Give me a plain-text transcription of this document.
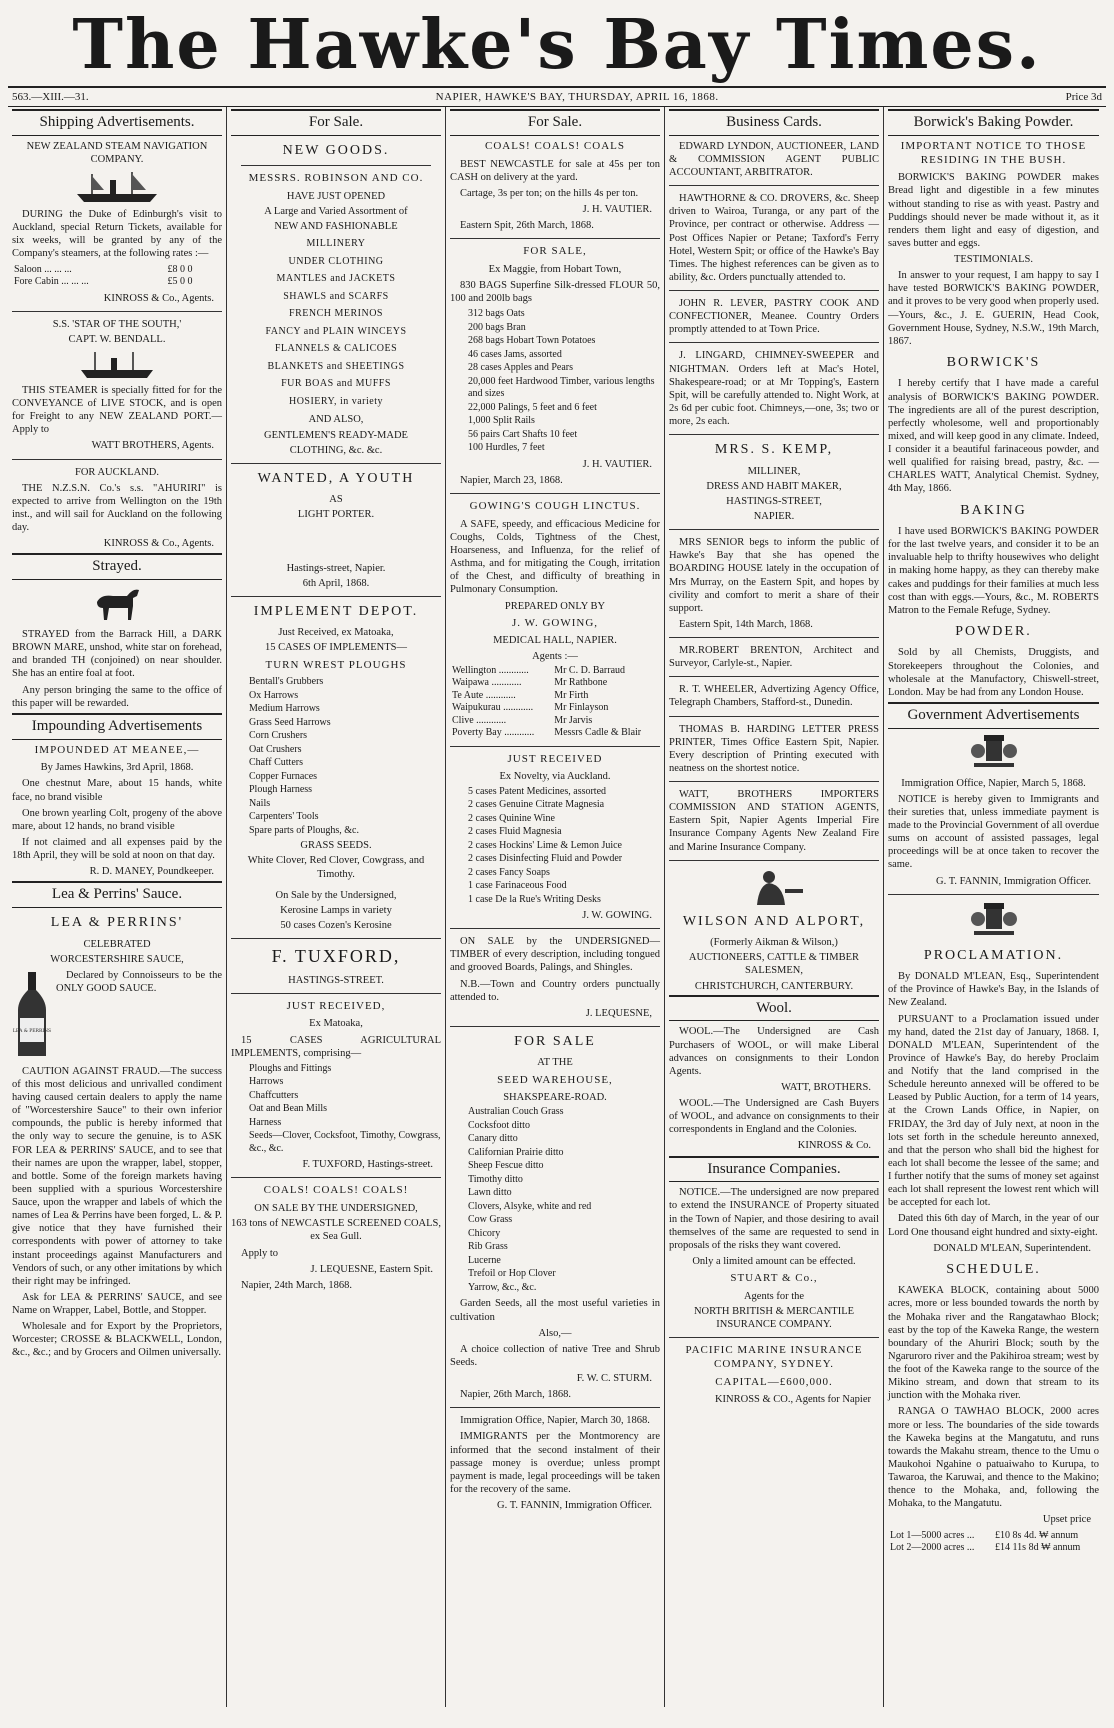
The Hawke's Bay Times.
563.—XIII.—31.	NAPIER, HAWKE'S BAY, THURSDAY, APRIL 16, 1868.	Price 3d
Shipping Advertisements.
NEW ZEALAND STEAM NAVIGATION COMPANY.
DURING the Duke of Edinburgh's visit to Auckland, special Return Tickets, available for six weeks, will be granted by any of the Company's steamers, at the following rates :—
Saloon ... ... ...	£8 0 0
Fore Cabin ... ... ...	£5 0 0
KINROSS & Co., Agents.
S.S. 'STAR OF THE SOUTH,'
CAPT. W. BENDALL.
THIS STEAMER is specially fitted for for the CONVEYANCE of LIVE STOCK, and is open for Freight to any NEW ZEALAND PORT.—Apply to
WATT BROTHERS, Agents.
FOR AUCKLAND.
THE N.Z.S.N. Co.'s s.s. "AHURIRI" is expected to arrive from Wellington on the 19th inst., and will sail for Auckland on the following day.
KINROSS & Co., Agents.
Strayed.
STRAYED from the Barrack Hill, a DARK BROWN MARE, unshod, white star on forehead, and branded TH (conjoined) on near shoulder. She has an entire foal at foot.
Any person bringing the same to the office of this paper will be rewarded.
Impounding Advertisements
IMPOUNDED AT MEANEE,—
By James Hawkins, 3rd April, 1868.
One chestnut Mare, about 15 hands, white face, no brand visible
One brown yearling Colt, progeny of the above mare, about 12 hands, no brand visible
If not claimed and all expenses paid by the 18th April, they will be sold at noon on that day.
R. D. MANEY, Poundkeeper.
Lea & Perrins' Sauce.
LEA & PERRINS'
CELEBRATED
WORCESTERSHIRE SAUCE,
LEA & PERRINS
Declared by Connoisseurs to be the ONLY GOOD SAUCE.
CAUTION AGAINST FRAUD.—The success of this most delicious and unrivalled condiment having caused certain dealers to apply the name of "Worcestershire Sauce" to their own inferior compounds, the public is hereby informed that the only way to secure the genuine, is to ASK FOR LEA & PERRINS' SAUCE, and to see that their names are upon the wrapper, label, stopper, and bottle. Some of the foreign markets having been supplied with a spurious Worcestershire Sauce, upon the wrapper and labels of which the names of Lea & Perrins have been forged, L. & P. give notice that they have furnished their correspondents with power of attorney to take instant proceedings against Manufacturers and Vendors of such, or any other imitations by which their right may be infringed.
Ask for LEA & PERRINS' SAUCE, and see Name on Wrapper, Label, Bottle, and Stopper.
Wholesale and for Export by the Proprietors, Worcester; CROSSE & BLACKWELL, London, &c., &c.; and by Grocers and Oilmen universally.
For Sale.
NEW GOODS.
MESSRS. ROBINSON AND CO.
HAVE JUST OPENED
A Large and Varied Assortment of
NEW AND FASHIONABLE
MILLINERY
UNDER CLOTHING
MANTLES and JACKETS
SHAWLS and SCARFS
FRENCH MERINOS
FANCY and PLAIN WINCEYS
FLANNELS & CALICOES
BLANKETS and SHEETINGS
FUR BOAS and MUFFS
HOSIERY, in variety
AND ALSO,
GENTLEMEN'S READY-MADE
CLOTHING, &c. &c.
WANTED, A YOUTH
AS
LIGHT PORTER.
Hastings-street, Napier.
6th April, 1868.
IMPLEMENT DEPOT.
Just Received, ex Matoaka,
15 CASES OF IMPLEMENTS—
TURN WREST PLOUGHS
Bentall's Grubbers
Ox Harrows
Medium Harrows
Grass Seed Harrows
Corn Crushers
Oat Crushers
Chaff Cutters
Copper Furnaces
Plough Harness
Nails
Carpenters' Tools
Spare parts of Ploughs, &c.
GRASS SEEDS.
White Clover, Red Clover, Cowgrass, and Timothy.
On Sale by the Undersigned,
Kerosine Lamps in variety
50 cases Cozen's Kerosine
F. TUXFORD,
HASTINGS-STREET.
JUST RECEIVED,
Ex Matoaka,
15 CASES AGRICULTURAL IMPLEMENTS, comprising—
Ploughs and Fittings
Harrows
Chaffcutters
Oat and Bean Mills
Harness
Seeds—Clover, Cocksfoot, Timothy, Cowgrass, &c., &c.
F. TUXFORD, Hastings-street.
COALS! COALS! COALS!
ON SALE BY THE UNDERSIGNED,
163 tons of NEWCASTLE SCREENED COALS, ex Sea Gull.
Apply to
J. LEQUESNE, Eastern Spit.
Napier, 24th March, 1868.
For Sale.
COALS! COALS! COALS
BEST NEWCASTLE for sale at 45s per ton CASH on delivery at the yard.
Cartage, 3s per ton; on the hills 4s per ton.
J. H. VAUTIER.
Eastern Spit, 26th March, 1868.
FOR SALE,
Ex Maggie, from Hobart Town,
830 BAGS Superfine Silk-dressed FLOUR 50, 100 and 200lb bags
312 bags Oats
200 bags Bran
268 bags Hobart Town Potatoes
46 cases Jams, assorted
28 cases Apples and Pears
20,000 feet Hardwood Timber, various lengths and sizes
22,000 Palings, 5 feet and 6 feet
1,000 Split Rails
56 pairs Cart Shafts 10 feet
100 Hurdles, 7 feet
J. H. VAUTIER.
Napier, March 23, 1868.
GOWING'S COUGH LINCTUS.
A SAFE, speedy, and efficacious Medicine for Coughs, Colds, Tightness of the Chest, Hoarseness, and Influenza, for the relief of Asthma, and for mitigating the Cough, irritation of the Chest, and difficulty of breathing in Pulmonary Consumption.
PREPARED ONLY BY
J. W. GOWING,
MEDICAL HALL, NAPIER.
Agents :—
Wellington ............	Mr C. D. Barraud
Waipawa ............	Mr Rathbone
Te Aute ............	Mr Firth
Waipukurau ............	Mr Finlayson
Clive ............	Mr Jarvis
Poverty Bay ............	Messrs Cadle & Blair
JUST RECEIVED
Ex Novelty, via Auckland.
5 cases Patent Medicines, assorted
2 cases Genuine Citrate Magnesia
2 cases Quinine Wine
2 cases Fluid Magnesia
2 cases Hockins' Lime & Lemon Juice
2 cases Disinfecting Fluid and Powder
2 cases Fancy Soaps
1 case Farinaceous Food
1 case De la Rue's Writing Desks
J. W. GOWING.
ON SALE by the UNDERSIGNED—TIMBER of every description, including tongued and grooved Boards, Palings, and Shingles.
N.B.—Town and Country orders punctually attended to.
J. LEQUESNE,
FOR SALE
AT THE
SEED WAREHOUSE,
SHAKSPEARE-ROAD.
Australian Couch Grass
Cocksfoot ditto
Canary ditto
Californian Prairie ditto
Sheep Fescue ditto
Timothy ditto
Lawn ditto
Clovers, Alsyke, white and red
Cow Grass
Chicory
Rib Grass
Lucerne
Trefoil or Hop Clover
Yarrow, &c., &c.
Garden Seeds, all the most useful varieties in cultivation
Also,—
A choice collection of native Tree and Shrub Seeds.
F. W. C. STURM.
Napier, 26th March, 1868.
Immigration Office, Napier, March 30, 1868.
IMMIGRANTS per the Montmorency are informed that the second instalment of their passage money is overdue; unless prompt payment is made, legal proceedings will be taken for the recovery of the same.
G. T. FANNIN, Immigration Officer.
Business Cards.
EDWARD LYNDON, AUCTIONEER, LAND & COMMISSION AGENT PUBLIC ACCOUNTANT, ARBITRATOR.
HAWTHORNE & CO. DROVERS, &c. Sheep driven to Wairoa, Turanga, or any part of the Province, per contract or otherwise. Address —Post Offices Napier or Petane; Taxford's Ferry Hotel, Western Spit; or office of the Hawke's Bay Times. The highest references can be given as to ability, &c. Orders punctually attended to.
JOHN R. LEVER, PASTRY COOK AND CONFECTIONER, Meanee. Country Orders promptly attended to at Town Price.
J. LINGARD, CHIMNEY-SWEEPER and NIGHTMAN. Orders left at Mac's Hotel, Shakespeare-road; or at Mr Topping's, Eastern Spit, will be carefully attended to. Night Work, at 2s 6d per cubic foot. Chimneys,—one, 3s; two or more, 2s each.
MRS. S. KEMP,
MILLINER,
DRESS AND HABIT MAKER,
HASTINGS-STREET,
NAPIER.
MRS SENIOR begs to inform the public of Hawke's Bay that she has opened the BOARDING HOUSE lately in the occupation of Mrs Murray, on the Eastern Spit, and hopes by civility and comfort to merit a share of their support.
Eastern Spit, 14th March, 1868.
MR.ROBERT BRENTON, Architect and Surveyor, Carlyle-st., Napier.
R. T. WHEELER, Advertizing Agency Office, Telegraph Chambers, Stafford-st., Dunedin.
THOMAS B. HARDING LETTER PRESS PRINTER, Times Office Eastern Spit, Napier. Every description of Printing executed with neatness on the shortest notice.
WATT, BROTHERS IMPORTERS COMMISSION AND STATION AGENTS, Eastern Spit, Napier Agents Imperial Fire Insurance Company Agents New Zealand Fire and Marine Insurance Company.
WILSON AND ALPORT,
(Formerly Aikman & Wilson,)
AUCTIONEERS, CATTLE & TIMBER SALESMEN,
CHRISTCHURCH, CANTERBURY.
Wool.
WOOL.—The Undersigned are Cash Purchasers of WOOL, or will make Liberal advances on consignments to their London Agents.
WATT, BROTHERS.
WOOL.—The Undersigned are Cash Buyers of WOOL, and advance on consignments to their correspondents in England and the Colonies.
KINROSS & Co.
Insurance Companies.
NOTICE.—The undersigned are now prepared to extend the INSURANCE of Property situated in the Town of Napier, and those desiring to avail themselves of the same are requested to send in proposals of the risks they want covered.
Only a limited amount can be effected.
STUART & Co.,
Agents for the
NORTH BRITISH & MERCANTILE INSURANCE COMPANY.
PACIFIC MARINE INSURANCE COMPANY, SYDNEY.
CAPITAL—£600,000.
KINROSS & CO., Agents for Napier
Borwick's Baking Powder.
IMPORTANT NOTICE TO THOSE RESIDING IN THE BUSH.
BORWICK'S BAKING POWDER makes Bread light and digestible in a few minutes without standing to rise as with yeast. Pastry and Puddings should never be made without it, as it renders them light and easy of digestion, and saves butter and eggs.
TESTIMONIALS.
In answer to your request, I am happy to say I have tested BORWICK'S BAKING POWDER, and it proves to be very good when properly used.—Yours, &c., J. E. GUERIN, Head Cook, Government House, Sydney, N.S.W., 19th March, 1867.
BORWICK'S
I hereby certify that I have made a careful analysis of BORWICK'S BAKING POWDER. The ingredients are all of the purest description, perfectly wholesome, well and proportionably mixed, and will keep good in any climate. Indeed, I consider it a beautiful farinaceous powder, and well qualified for raising bread, pastry, &c. —CHARLES WATT, Analytical Chemist. Sydney, 4th May, 1866.
BAKING
I have used BORWICK'S BAKING POWDER for the last twelve years, and consider it to be an invaluable help to thrifty housewives who delight in making home happy, as they can thereby make cakes and puddings for their families at much less cost than with eggs.—Yours, &c., M. ROBERTS Matron to the Female Refuge, Sydney.
POWDER.
Sold by all Chemists, Druggists, and Storekeepers throughout the Colonies, and wholesale at the Manufactory, Chiswell-street, London. May be had from any London House.
Government Advertisements
Immigration Office, Napier, March 5, 1868.
NOTICE is hereby given to Immigrants and their sureties that, unless immediate payment is made to the Provincial Government of all overdue sums on account of assisted passages, legal proceedings will be at once taken to recover the same.
G. T. FANNIN, Immigration Officer.
PROCLAMATION.
By DONALD M'LEAN, Esq., Superintendent of the Province of Hawke's Bay, in the Islands of New Zealand.
PURSUANT to a Proclamation issued under my hand, dated the 21st day of January, 1868. I, DONALD M'LEAN, Superintendent of the Province of Hawke's Bay, do hereby Proclaim and Notify that the land comprised in the Schedule hereunto annexed will be offered to be Leased by Public Auction, for a term of 14 years, at the Crown Lands Office, in Napier, on FRIDAY, the 3rd day of July next, at noon in the lots set forth in the schedule hereunto annexed, and that the person who shall bid the highest for each lot shall become the lessee of the same; and I further notify that the sums of money set against each lot shall represent the lowest rent which will be accepted for each lot.
Dated this 6th day of March, in the year of our Lord One thousand eight hundred and sixty-eight.
DONALD M'LEAN, Superintendent.
SCHEDULE.
KAWEKA BLOCK, containing about 5000 acres, more or less bounded towards the north by the Mohaka river and the Rangatawhao Block; east by the top of the Kaweka Range, the western boundary of the Ahuriri Block; south by the Ngaruroro river and the Pakihiroa stream; west by the foot of the Kaweka range to the source of the Mikino stream, and down that stream to its junction with the Mohaka river.
RANGA O TAWHAO BLOCK, 2000 acres more or less. The boundaries of the side towards the Kaweka begins at the Mangatutu, and runs towards the Makahu stream, thence to the Umu o Maukohoi Ngahine o patuaiwaho to Kurupa, to Tawaroa, the Karuwai, and thence to the Makino; thence to the Mohaka, and, following the Mohaka, to the Mangatutu.
Upset price
Lot 1—5000 acres ...	£10 8s 4d. ₩ annum
Lot 2—2000 acres ...	£14 11s 8d ₩ annum
